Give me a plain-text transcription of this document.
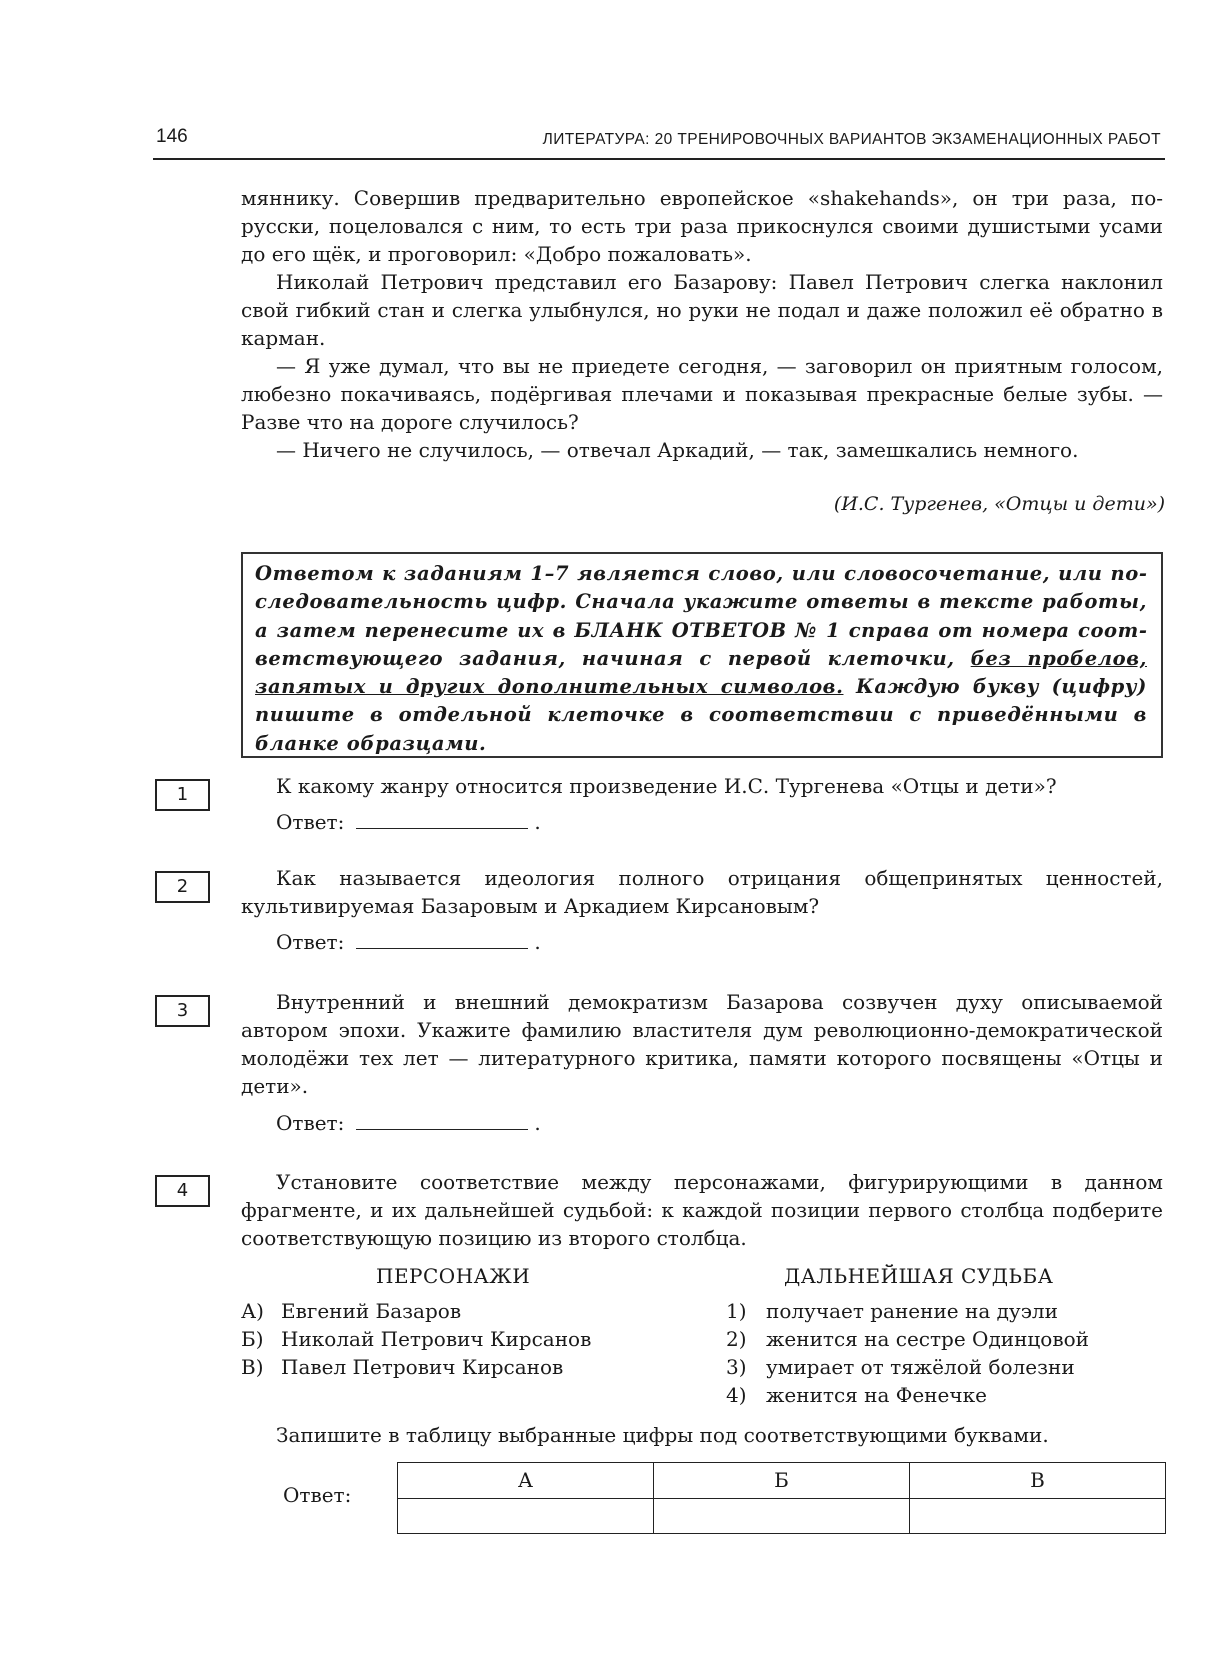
146	ЛИТЕРАТУРА: 20 ТРЕНИРОВОЧНЫХ ВАРИАНТОВ ЭКЗАМЕНАЦИОННЫХ РАБОТ

мяннику. Совершив предварительно европейское «shakehands», он три раза, по-русски, поцеловался с ним, то есть три раза прикоснулся своими душистыми усами до его щёк, и проговорил: «Добро пожаловать».

Николай Петрович представил его Базарову: Павел Петрович слегка наклонил свой гибкий стан и слегка улыбнулся, но руки не подал и даже положил её обратно в карман.

— Я уже думал, что вы не приедете сегодня, — заговорил он приятным голосом, любезно покачиваясь, подёргивая плечами и показывая прекрасные белые зубы. — Разве что на дороге случилось?

— Ничего не случилось, — отвечал Аркадий, — так, замешкались немного.

(И.С. Тургенев, «Отцы и дети»)

Ответом к заданиям 1–7 является слово, или словосочетание, или последовательность цифр. Сначала укажите ответы в тексте работы, а затем перенесите их в БЛАНК ОТВЕТОВ № 1 справа от номера соответствующего задания, начиная с первой клеточки, без пробелов, запятых и других дополнительных символов. Каждую букву (цифру) пишите в отдельной клеточке в соответствии с приведёнными в бланке образцами.

1	К какому жанру относится произведение И.С. Тургенева «Отцы и дети»?
Ответ:	.
2	Как называется идеология полного отрицания общепринятых ценностей, культивируемая Базаровым и Аркадием Кирсановым?
Ответ:	.
3	Внутренний и внешний демократизм Базарова созвучен духу описываемой автором эпохи. Укажите фамилию властителя дум революционно-демократической молодёжи тех лет — литературного критика, памяти которого посвящены «Отцы и дети».
Ответ:	.
4	Установите соответствие между персонажами, фигурирующими в данном фрагменте, и их дальнейшей судьбой: к каждой позиции первого столбца подберите соответствующую позицию из второго столбца.
ПЕРСОНАЖИ	ДАЛЬНЕЙШАЯ СУДЬБА
А) Евгений Базаров
Б) Николай Петрович Кирсанов
В) Павел Петрович Кирсанов
1) получает ранение на дуэли
2) женится на сестре Одинцовой
3) умирает от тяжёлой болезни
4) женится на Фенечке
Запишите в таблицу выбранные цифры под соответствующими буквами.
Ответ:
А	Б	В
